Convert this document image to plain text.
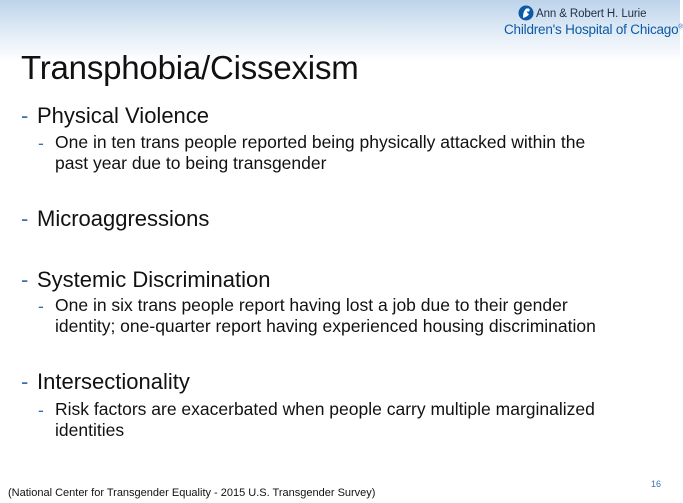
Ann & Robert H. Lurie
Children's Hospital of Chicago®
Transphobia/Cissexism
- Physical Violence
- One in ten trans people reported being physically attacked within the
past year due to being transgender
- Microaggressions
- Systemic Discrimination
- One in six trans people report having lost a job due to their gender
identity; one-quarter report having experienced housing discrimination
- Intersectionality
- Risk factors are exacerbated when people carry multiple marginalized
identities
16
(National Center for Transgender Equality - 2015 U.S. Transgender Survey)
